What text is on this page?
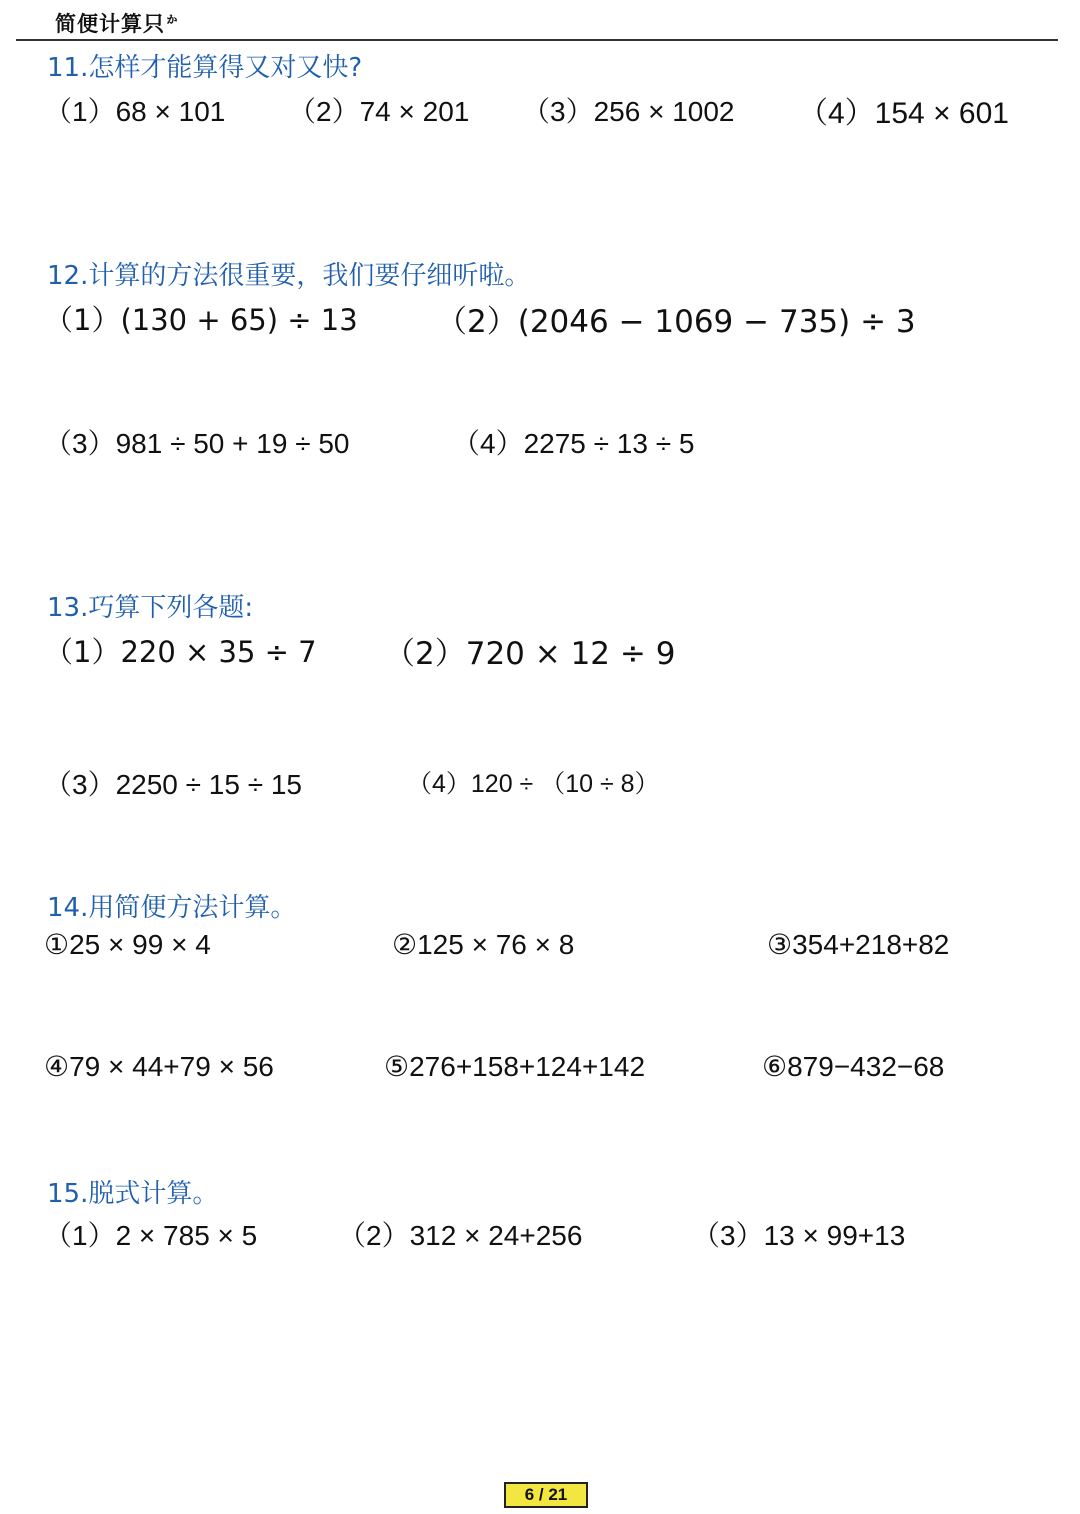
简便计算只$^ゕ$
11.怎样才能算得又对又快?
（1）68 × 101 （2）74 × 201 （3）256 × 1002 （4）154 × 601
12.计算的方法很重要，我们要仔细听啦。
（1）(130 + 65) ÷ 13	（2）(2046 − 1069 − 735) ÷ 3
（3）981 ÷ 50 + 19 ÷ 50	（4）2275 ÷ 13 ÷ 5
13.巧算下列各题:
（1）220 × 35 ÷ 7 （2）720 × 12 ÷ 9
（3）2250 ÷ 15 ÷ 15	（4）120 ÷ （10 ÷ 8）
14.用简便方法计算。
①25 × 99 × 4	②125 × 76 × 8	③354+218+82
④79 × 44+79 × 56	⑤276+158+124+142	⑥879−432−68
15.脱式计算。
（1）2 × 785 × 5	（2）312 × 24+256	（3）13 × 99+13
6 / 21
